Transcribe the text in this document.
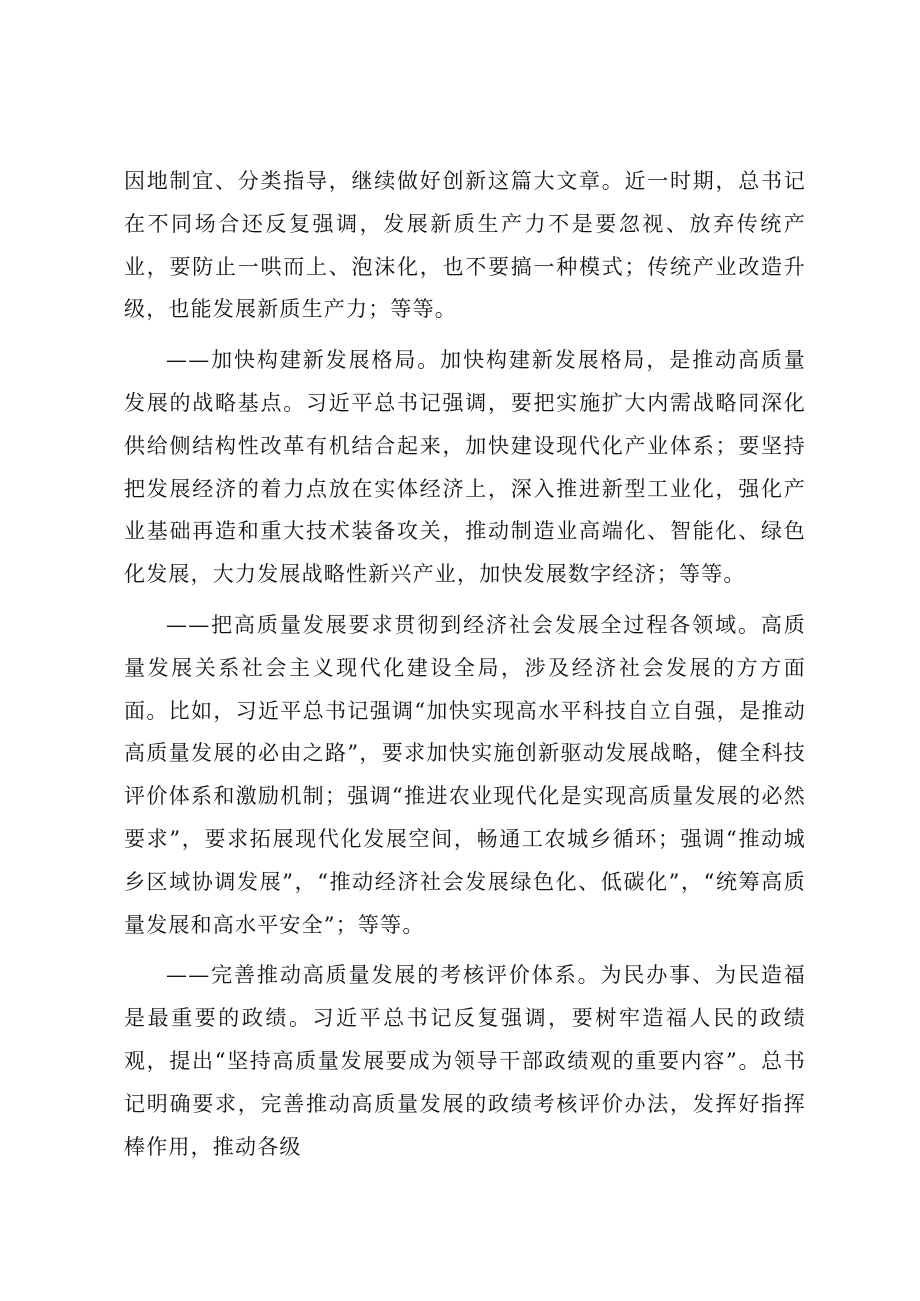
因地制宜、分类指导，继续做好创新这篇大文章。近一时期，总书记在不同场合还反复强调，发展新质生产力不是要忽视、放弃传统产业，要防止一哄而上、泡沫化，也不要搞一种模式；传统产业改造升级，也能发展新质生产力；等等。

——加快构建新发展格局。加快构建新发展格局，是推动高质量发展的战略基点。习近平总书记强调，要把实施扩大内需战略同深化供给侧结构性改革有机结合起来，加快建设现代化产业体系；要坚持把发展经济的着力点放在实体经济上，深入推进新型工业化，强化产业基础再造和重大技术装备攻关，推动制造业高端化、智能化、绿色化发展，大力发展战略性新兴产业，加快发展数字经济；等等。

——把高质量发展要求贯彻到经济社会发展全过程各领域。高质量发展关系社会主义现代化建设全局，涉及经济社会发展的方方面面。比如，习近平总书记强调“加快实现高水平科技自立自强，是推动高质量发展的必由之路”，要求加快实施创新驱动发展战略，健全科技评价体系和激励机制；强调“推进农业现代化是实现高质量发展的必然要求”，要求拓展现代化发展空间，畅通工农城乡循环；强调“推动城乡区域协调发展”，“推动经济社会发展绿色化、低碳化”，“统筹高质量发展和高水平安全”；等等。

——完善推动高质量发展的考核评价体系。为民办事、为民造福是最重要的政绩。习近平总书记反复强调，要树牢造福人民的政绩观，提出“坚持高质量发展要成为领导干部政绩观的重要内容”。总书记明确要求，完善推动高质量发展的政绩考核评价办法，发挥好指挥棒作用，推动各级
